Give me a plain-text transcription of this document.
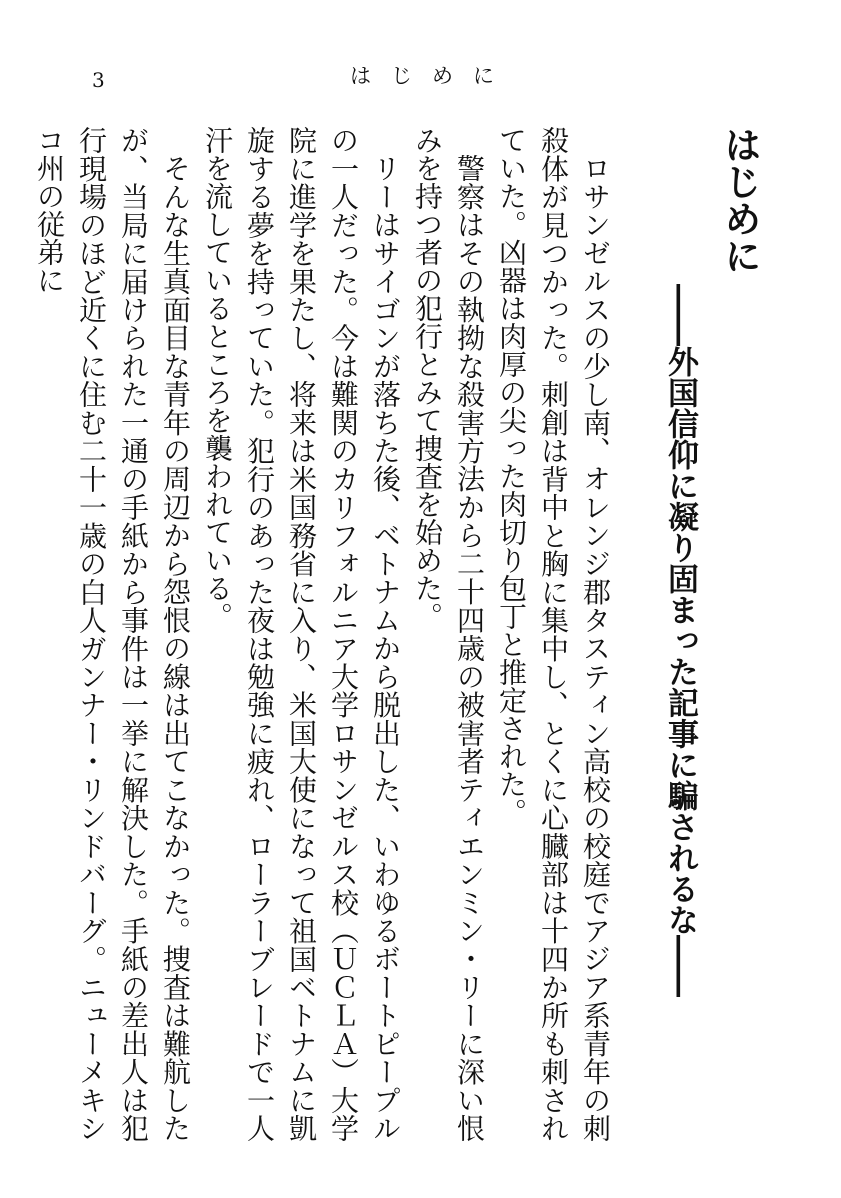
3	はじめに
はじめに
――外国信仰に凝り固まった記事に騙されるな――

ロサンゼルスの少し南、オレンジ郡タスティン高校の校庭でアジア系青年の刺殺体が見つかった。刺創は背中と胸に集中し、とくに心臓部は十四か所も刺されていた。凶器は肉厚の尖った肉切り包丁と推定された。

警察はその執拗な殺害方法から二十四歳の被害者ティエンミン・リーに深い恨みを持つ者の犯行とみて捜査を始めた。

リーはサイゴンが落ちた後、ベトナムから脱出した、いわゆるボートピープルの一人だった。今は難関のカリフォルニア大学ロサンゼルス校（ＵＣＬＡ）大学院に進学を果たし、将来は米国務省に入り、米国大使になって祖国ベトナムに凱旋する夢を持っていた。犯行のあった夜は勉強に疲れ、ローラーブレードで一人汗を流しているところを襲われている。

そんな生真面目な青年の周辺から怨恨の線は出てこなかった。捜査は難航したが、当局に届けられた一通の手紙から事件は一挙に解決した。手紙の差出人は犯行現場のほど近くに住む二十一歳の白人ガンナー・リンドバーグ。ニューメキシコ州の従弟に
